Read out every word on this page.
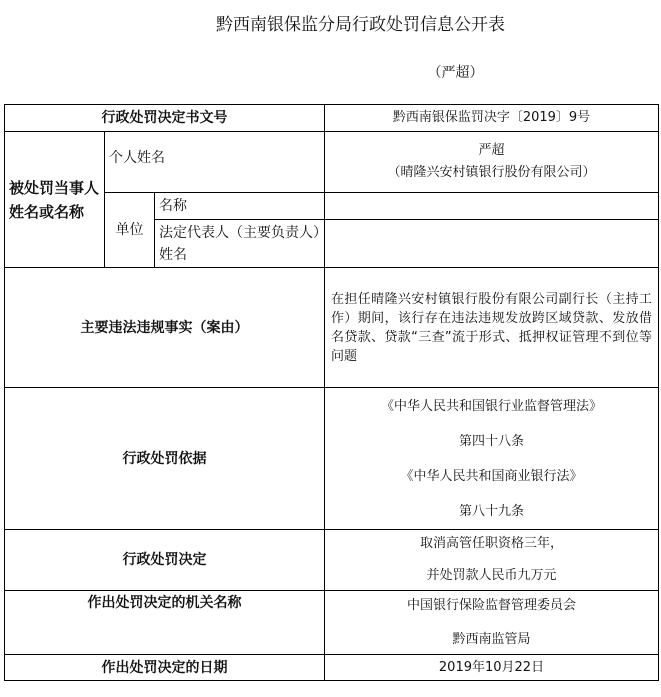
黔西南银保监分局行政处罚信息公开表
（严超）
行政处罚决定书文号			黔西南银保监罚决字〔2019〕9号
被处罚当事人姓名或名称	个人姓名		严超
（晴隆兴安村镇银行股份有限公司）

	单位	名称	
		法定代表人（主要负责人）姓名	
主要违法违规事实（案由）			在担任晴隆兴安村镇银行股份有限公司副行长（主持工作）期间，该行存在违法违规发放跨区域贷款、发放借名贷款、贷款“三查”流于形式、抵押权证管理不到位等问题
行政处罚依据			《中华人民共和国银行业监督管理法》
第四十八条
《中华人民共和国商业银行法》
第八十九条

行政处罚决定			取消高管任职资格三年，
并处罚款人民币九万元

作出处罚决定的机关名称			中国银行保险监督管理委员会
黔西南监管局

作出处罚决定的日期			2019年10月22日
